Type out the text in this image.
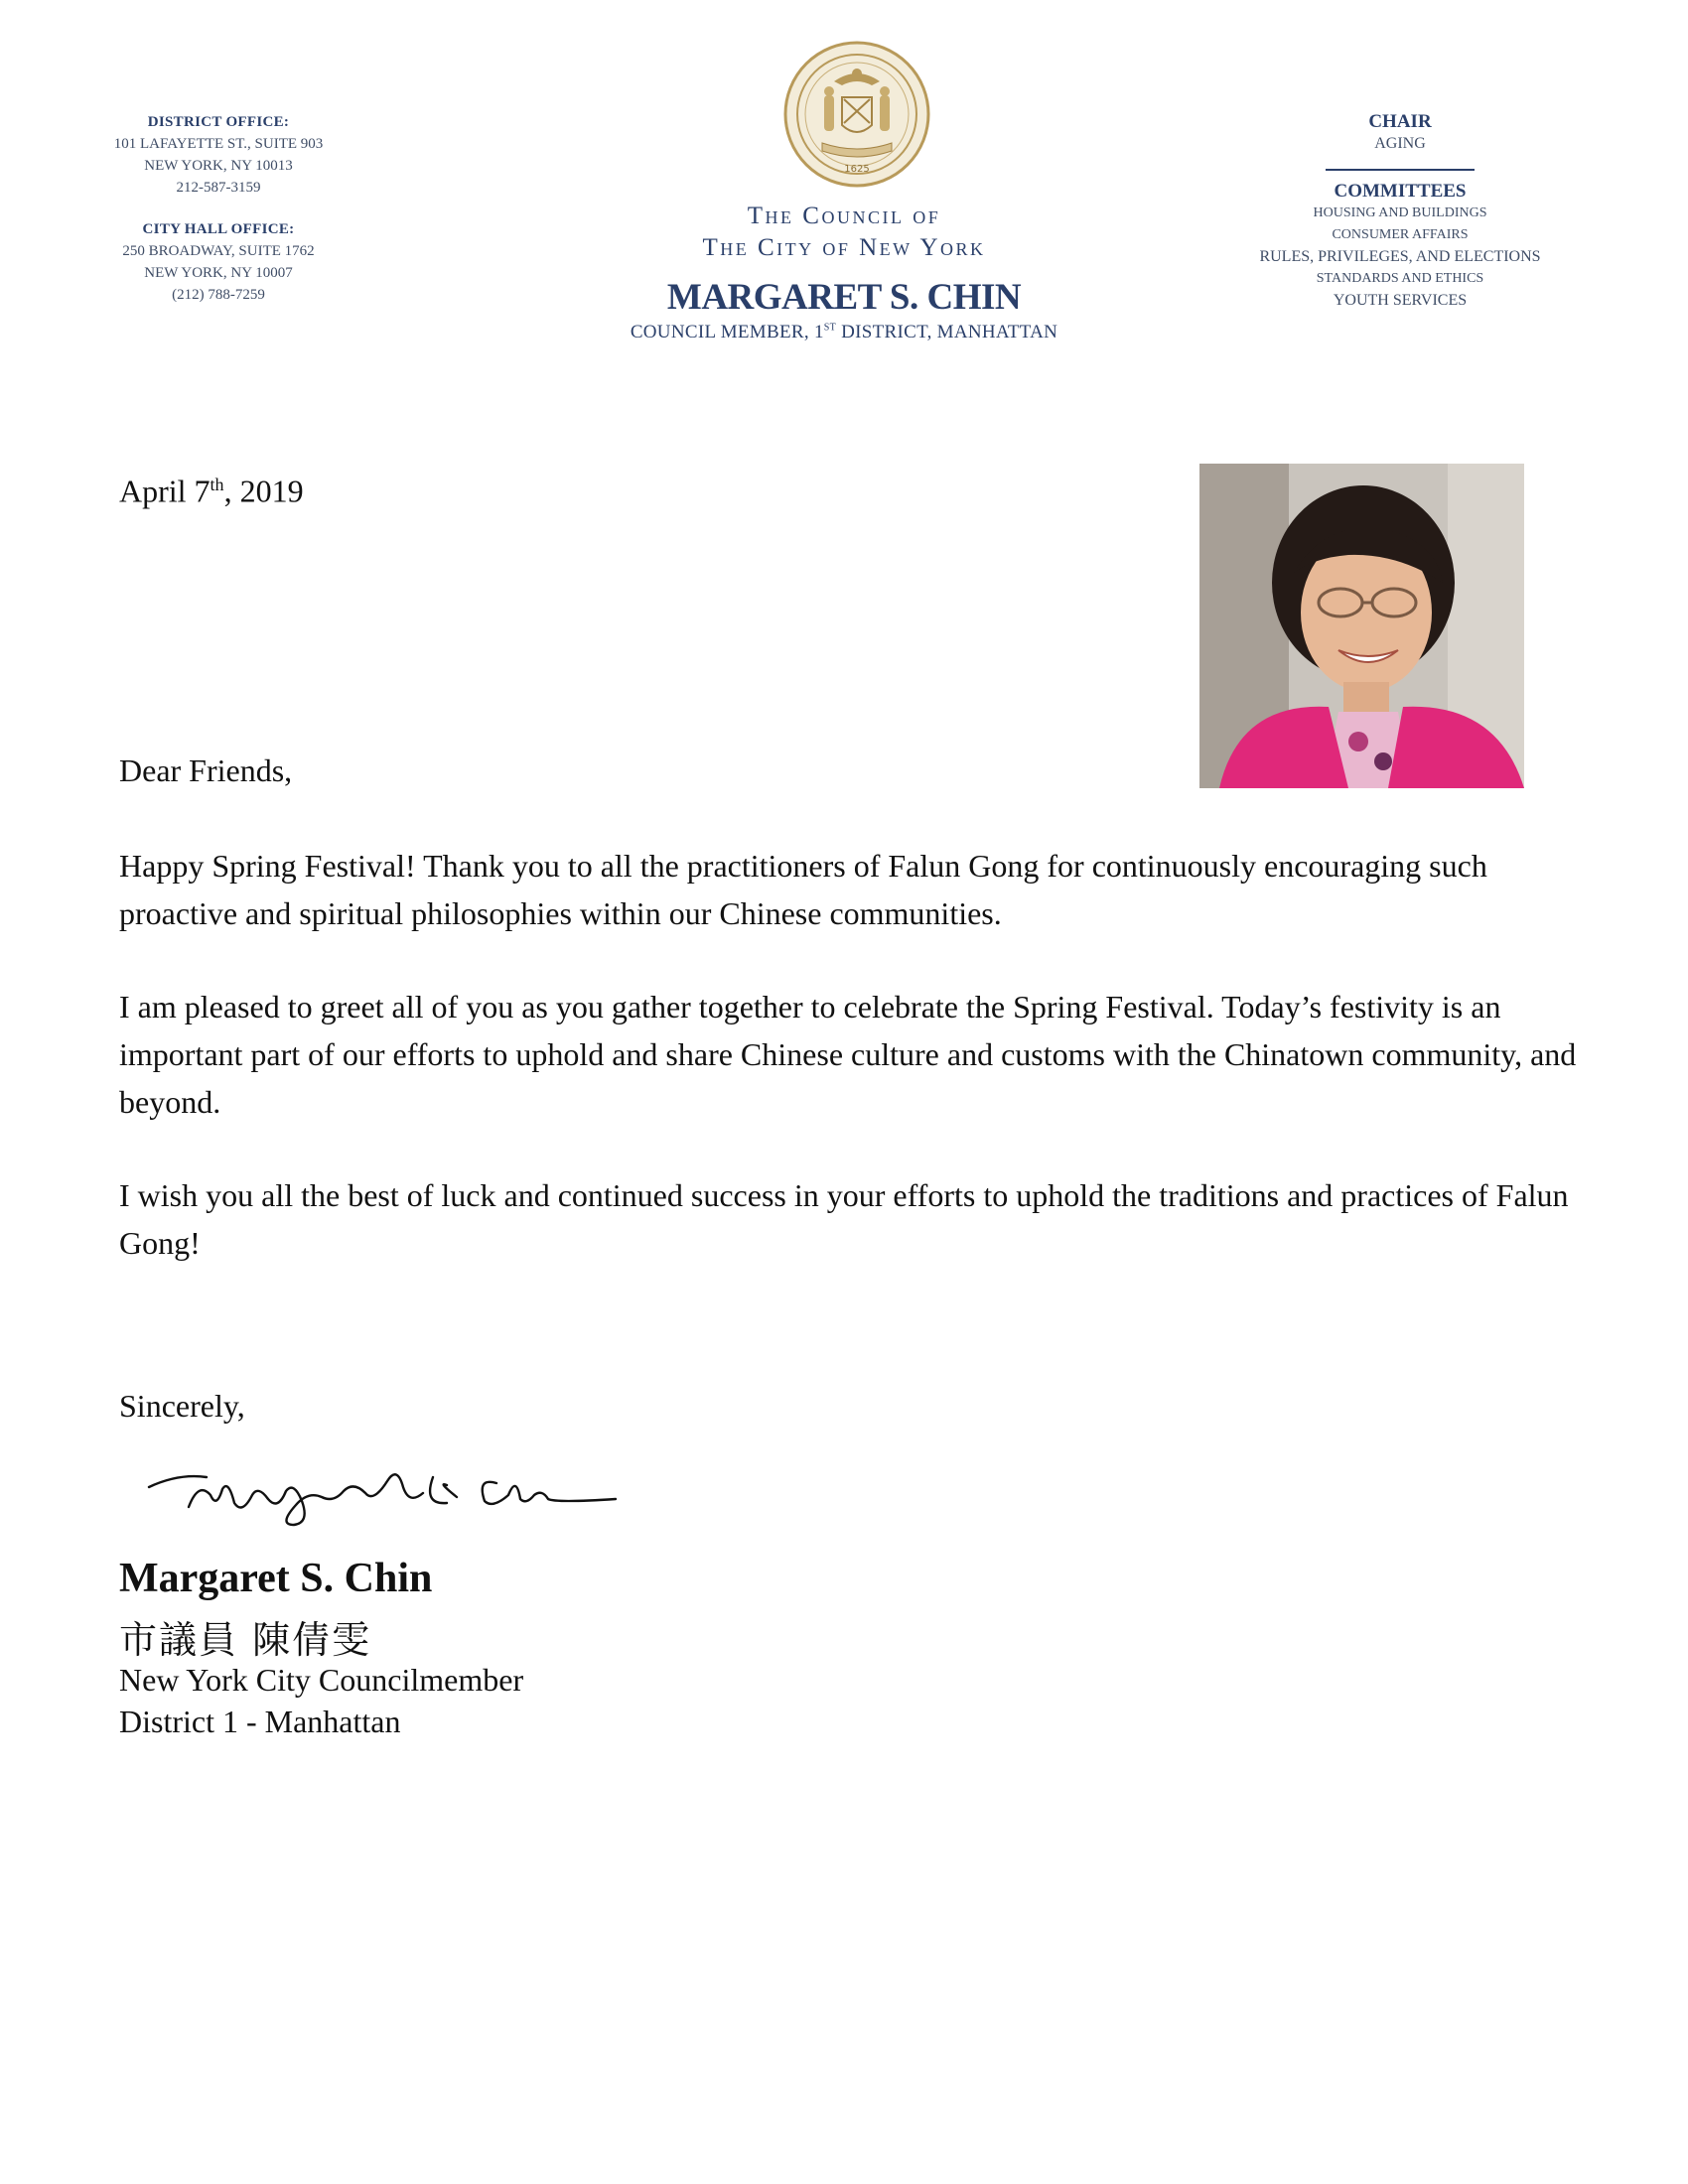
DISTRICT OFFICE:
101 LAFAYETTE ST., SUITE 903
NEW YORK, NY 10013
212-587-3159
CITY HALL OFFICE:
250 BROADWAY, SUITE 1762
NEW YORK, NY 10007
(212) 788-7259
1625
The Council of
The City of New York
MARGARET S. CHIN
COUNCIL MEMBER, 1ST DISTRICT, MANHATTAN
CHAIR
AGING
COMMITTEES
HOUSING AND BUILDINGS
CONSUMER AFFAIRS
RULES, PRIVILEGES, AND ELECTIONS
STANDARDS AND ETHICS
YOUTH SERVICES
April 7th, 2019
Dear Friends,
Happy Spring Festival! Thank you to all the practitioners of Falun Gong for continuously encouraging such proactive and spiritual philosophies within our Chinese communities.
I am pleased to greet all of you as you gather together to celebrate the Spring Festival. Today’s festivity is an important part of our efforts to uphold and share Chinese culture and customs with the Chinatown community, and beyond.
I wish you all the best of luck and continued success in your efforts to uphold the traditions and practices of Falun Gong!
Sincerely,
Margaret S. Chin
市議員 陳倩雯
New York City Councilmember
District 1 - Manhattan
